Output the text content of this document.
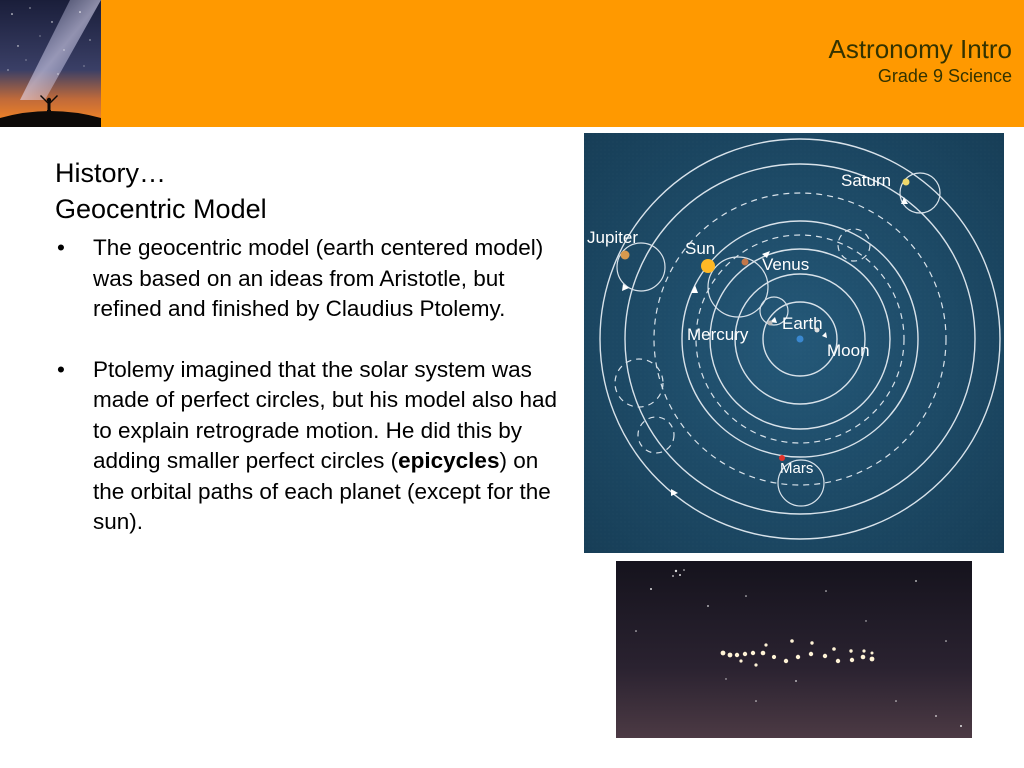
Astronomy Intro
Grade 9 Science
History…
Geocentric Model
• The geocentric model (earth centered model) was based on an ideas from Aristotle, but refined and finished by Claudius Ptolemy.
• Ptolemy imagined that the solar system was made of perfect circles, but his model also had to explain retrograde motion. He did this by adding smaller perfect circles (epicycles) on the orbital paths of each planet (except for the sun).
Saturn
Jupiter
Sun
Venus
Earth
Mercury
Moon
Mars
